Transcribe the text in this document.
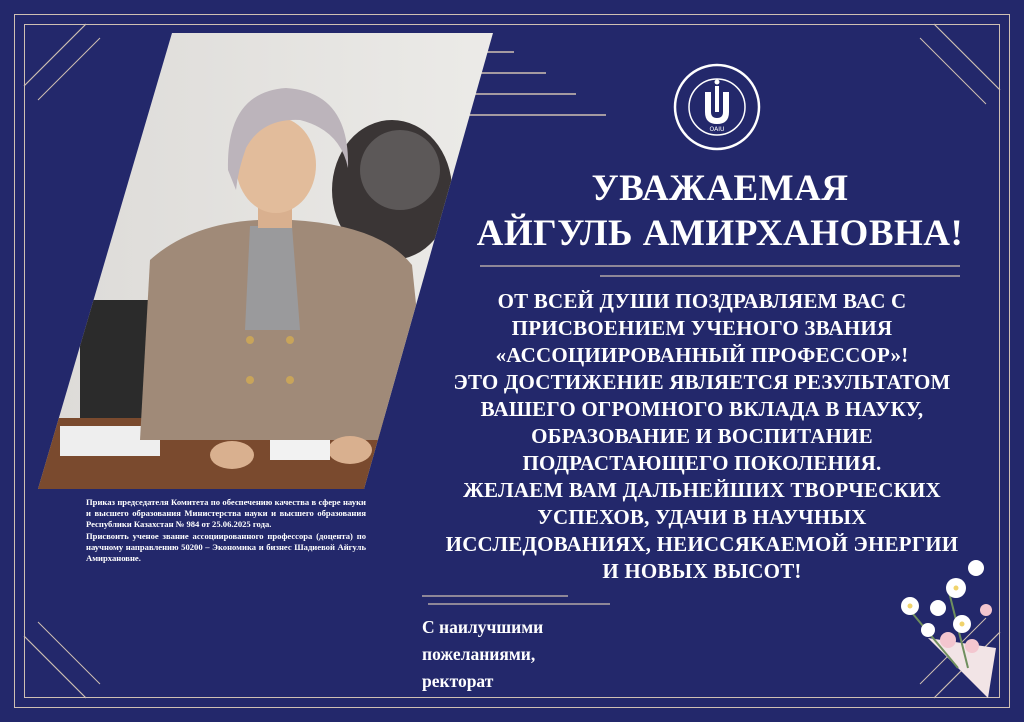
OAIU
УВАЖАЕМАЯ
АЙГУЛЬ АМИРХАНОВНА!
ОТ ВСЕЙ ДУШИ ПОЗДРАВЛЯЕМ ВАС С
ПРИСВОЕНИЕМ УЧЕНОГО ЗВАНИЯ
«АССОЦИИРОВАННЫЙ ПРОФЕССОР»!
ЭТО ДОСТИЖЕНИЕ ЯВЛЯЕТСЯ РЕЗУЛЬТАТОМ
ВАШЕГО ОГРОМНОГО ВКЛАДА В НАУКУ,
ОБРАЗОВАНИЕ И ВОСПИТАНИЕ
ПОДРАСТАЮЩЕГО ПОКОЛЕНИЯ.
ЖЕЛАЕМ ВАМ ДАЛЬНЕЙШИХ ТВОРЧЕСКИХ
УСПЕХОВ, УДАЧИ В НАУЧНЫХ
ИССЛЕДОВАНИЯХ, НЕИССЯКАЕМОЙ ЭНЕРГИИ
И НОВЫХ ВЫСОТ!

Приказ председателя Комитета по обеспечению качества в сфере науки и высшего образования Министерства науки и высшего образования Республики Казахстан № 984 от 25.06.2025 года.

Присвоить ученое звание ассоциированного профессора (доцента) по научному направлению 50200 – Экономика и бизнес Шадиевой Айгуль Амирхановне.

С наилучшими
пожеланиями,
ректорат
